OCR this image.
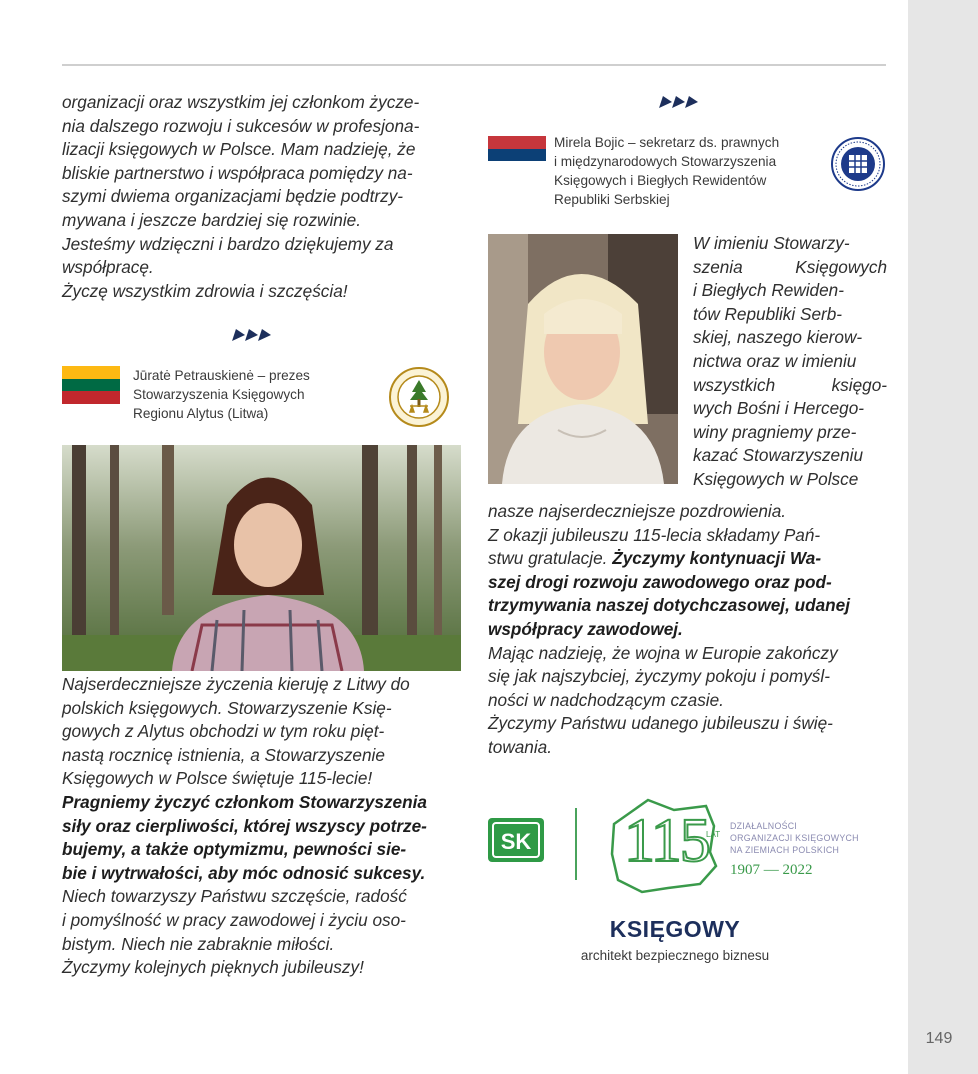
149

organizacji oraz wszystkim jej członkom życze-

nia dalszego rozwoju i sukcesów w profesjona-

lizacji księgowych w Polsce. Mam nadzieję, że

bliskie partnerstwo i współpraca pomiędzy na-

szymi dwiema organizacjami będzie podtrzy-

mywana i jeszcze bardziej się rozwinie.

Jesteśmy wdzięczni i bardzo dziękujemy za

współpracę.

Życzę wszystkim zdrowia i szczęścia!

Jūratė Petrauskienė – prezes
Stowarzyszenia Księgowych
Regionu Alytus (Litwa)

Najserdeczniejsze życzenia kieruję z Litwy do

polskich księgowych. Stowarzyszenie Księ-

gowych z Alytus obchodzi w tym roku pięt-

nastą rocznicę istnienia, a Stowarzyszenie

Księgowych w Polsce świętuje 115-lecie!

Pragniemy życzyć członkom Stowarzyszenia

siły oraz cierpliwości, której wszyscy potrze-

bujemy, a także optymizmu, pewności sie-

bie i wytrwałości, aby móc odnosić sukcesy.

Niech towarzyszy Państwu szczęście, radość

i pomyślność w pracy zawodowej i życiu oso-

bistym. Niech nie zabraknie miłości.

Życzymy kolejnych pięknych jubileuszy!

Mirela Bojic – sekretarz ds. prawnych
i międzynarodowych Stowarzyszenia
Księgowych i Biegłych Rewidentów
Republiki Serbskiej

W imieniu Stowarzy-

szenia Księgowych

i Biegłych Rewiden-

tów Republiki Serb-

skiej, naszego kierow-

nictwa oraz w imieniu

wszystkich księgo-

wych Bośni i Hercego-

winy pragniemy prze-

kazać Stowarzyszeniu

Księgowych w Polsce

nasze najserdeczniejsze pozdrowienia.

Z okazji jubileuszu 115-lecia składamy Pań-

stwu gratulacje. Życzymy kontynuacji Wa-

szej drogi rozwoju zawodowego oraz pod-

trzymywania naszej dotychczasowej, udanej

współpracy zawodowej.

Mając nadzieję, że wojna w Europie zakończy

się jak najszybciej, życzymy pokoju i pomyśl-

ności w nadchodzącym czasie.

Życzymy Państwu udanego jubileuszu i świę-

towania.

SK 115
LAT
DZIAŁALNOŚCI
ORGANIZACJI KSIĘGOWYCH
NA ZIEMIACH POLSKICH
1907 — 2022
KSIĘGOWY
architekt bezpiecznego biznesu
